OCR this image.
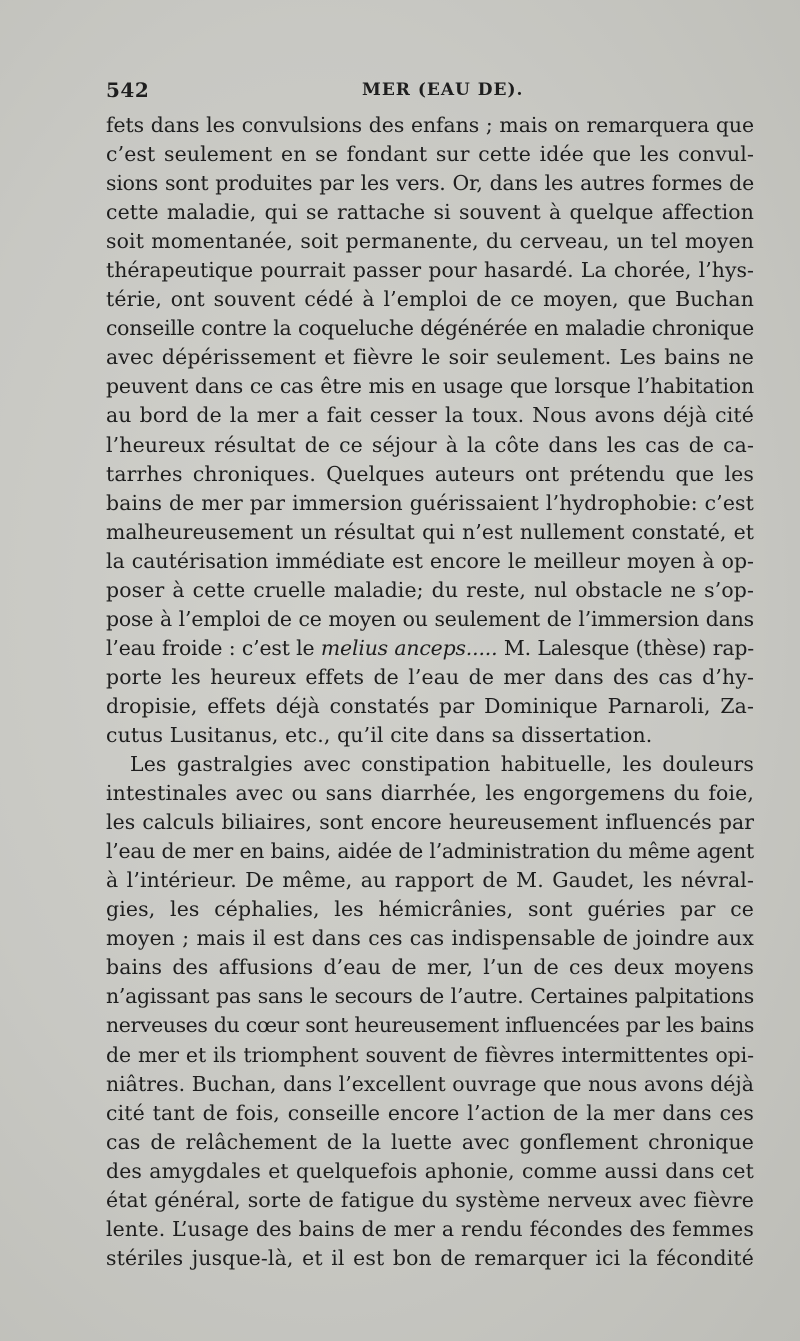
542	MER (EAU DE).
fets dans les convulsions des enfans ; mais on remarquera que
c’est seulement en se fondant sur cette idée que les convul-
sions sont produites par les vers. Or, dans les autres formes de
cette maladie, qui se rattache si souvent à quelque affection
soit momentanée, soit permanente, du cerveau, un tel moyen
thérapeutique pourrait passer pour hasardé. La chorée, l’hys-
térie, ont souvent cédé à l’emploi de ce moyen, que Buchan
conseille contre la coqueluche dégénérée en maladie chronique
avec dépérissement et fièvre le soir seulement. Les bains ne
peuvent dans ce cas être mis en usage que lorsque l’habitation
au bord de la mer a fait cesser la toux. Nous avons déjà cité
l’heureux résultat de ce séjour à la côte dans les cas de ca-
tarrhes chroniques. Quelques auteurs ont prétendu que les
bains de mer par immersion guérissaient l’hydrophobie: c’est
malheureusement un résultat qui n’est nullement constaté, et
la cautérisation immédiate est encore le meilleur moyen à op-
poser à cette cruelle maladie; du reste, nul obstacle ne s’op-
pose à l’emploi de ce moyen ou seulement de l’immersion dans
l’eau froide : c’est le melius anceps..... M. Lalesque (thèse) rap-
porte les heureux effets de l’eau de mer dans des cas d’hy-
dropisie, effets déjà constatés par Dominique Parnaroli, Za-
cutus Lusitanus, etc., qu’il cite dans sa dissertation.
Les gastralgies avec constipation habituelle, les douleurs
intestinales avec ou sans diarrhée, les engorgemens du foie,
les calculs biliaires, sont encore heureusement influencés par
l’eau de mer en bains, aidée de l’administration du même agent
à l’intérieur. De même, au rapport de M. Gaudet, les névral-
gies, les céphalies, les hémicrânies, sont guéries par ce
moyen ; mais il est dans ces cas indispensable de joindre aux
bains des affusions d’eau de mer, l’un de ces deux moyens
n’agissant pas sans le secours de l’autre. Certaines palpitations
nerveuses du cœur sont heureusement influencées par les bains
de mer et ils triomphent souvent de fièvres intermittentes opi-
niâtres. Buchan, dans l’excellent ouvrage que nous avons déjà
cité tant de fois, conseille encore l’action de la mer dans ces
cas de relâchement de la luette avec gonflement chronique
des amygdales et quelquefois aphonie, comme aussi dans cet
état général, sorte de fatigue du système nerveux avec fièvre
lente. L’usage des bains de mer a rendu fécondes des femmes
stériles jusque-là, et il est bon de remarquer ici la fécondité
